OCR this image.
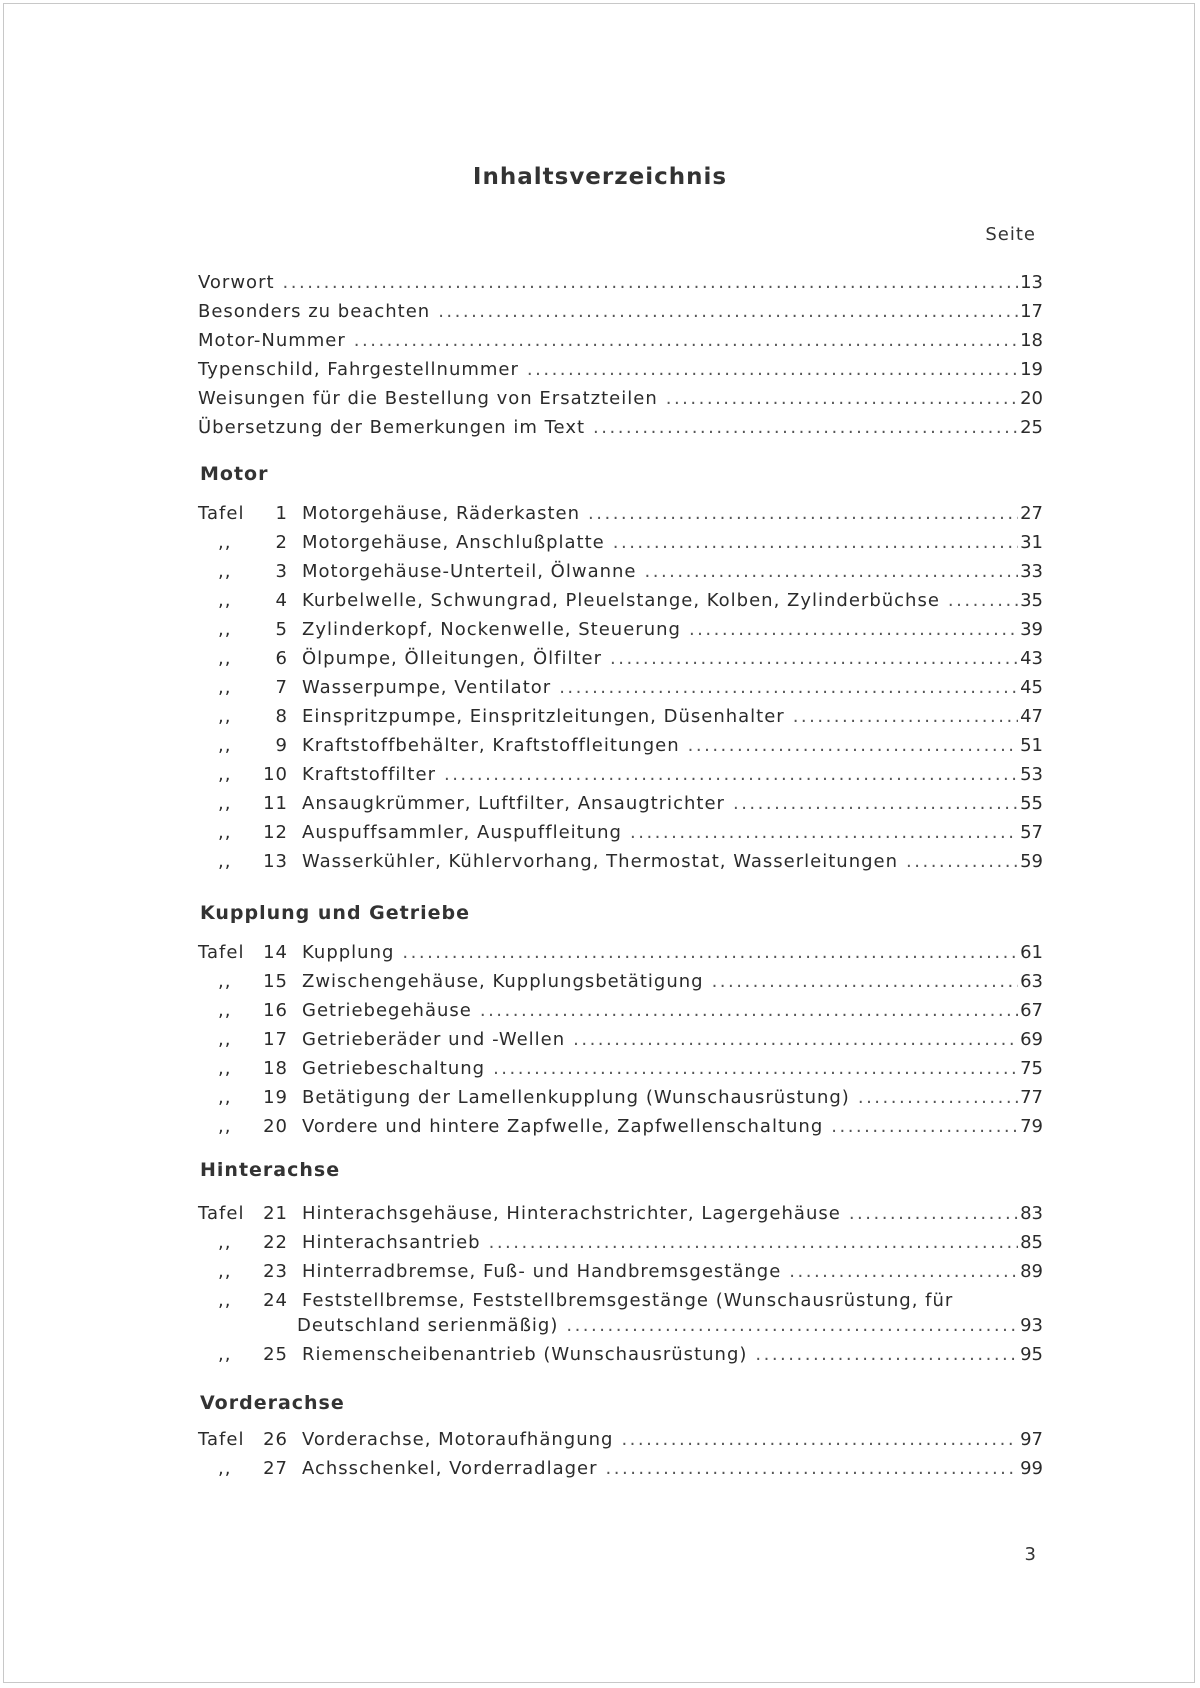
Inhaltsverzeichnis
Seite
Vorwort .....	13
Besonders zu beachten .....	17
Motor-Nummer .....	18
Typenschild, Fahrgestellnummer .....	19
Weisungen für die Bestellung von Ersatzteilen .....	20
Übersetzung der Bemerkungen im Text .....	25
Motor
Tafel 1 Motorgehäuse, Räderkasten .....	27
,, 2 Motorgehäuse, Anschlußplatte .....	31
,, 3 Motorgehäuse-Unterteil, Ölwanne .....	33
,, 4 Kurbelwelle, Schwungrad, Pleuelstange, Kolben, Zylinderbüchse .....	35
,, 5 Zylinderkopf, Nockenwelle, Steuerung .....	39
,, 6 Ölpumpe, Ölleitungen, Ölfilter .....	43
,, 7 Wasserpumpe, Ventilator .....	45
,, 8 Einspritzpumpe, Einspritzleitungen, Düsenhalter .....	47
,, 9 Kraftstoffbehälter, Kraftstoffleitungen .....	51
,, 10 Kraftstoffilter .....	53
,, 11 Ansaugkrümmer, Luftfilter, Ansaugtrichter .....	55
,, 12 Auspuffsammler, Auspuffleitung .....	57
,, 13 Wasserkühler, Kühlervorhang, Thermostat, Wasserleitungen .....	59
Kupplung und Getriebe
Tafel 14 Kupplung .....	61
,, 15 Zwischengehäuse, Kupplungsbetätigung .....	63
,, 16 Getriebegehäuse .....	67
,, 17 Getrieberäder und -Wellen .....	69
,, 18 Getriebeschaltung .....	75
,, 19 Betätigung der Lamellenkupplung (Wunschausrüstung) .....	77
,, 20 Vordere und hintere Zapfwelle, Zapfwellenschaltung .....	79
Hinterachse
Tafel 21 Hinterachsgehäuse, Hinterachstrichter, Lagergehäuse .....	83
,, 22 Hinterachsantrieb .....	85
,, 23 Hinterradbremse, Fuß- und Handbremsgestänge .....	89
,, 24 Feststellbremse, Feststellbremsgestänge (Wunschausrüstung, für
Deutschland serienmäßig) .....	93
,, 25 Riemenscheibenantrieb (Wunschausrüstung) .....	95
Vorderachse
Tafel 26 Vorderachse, Motoraufhängung .....	97
,, 27 Achsschenkel, Vorderradlager .....	99
3
